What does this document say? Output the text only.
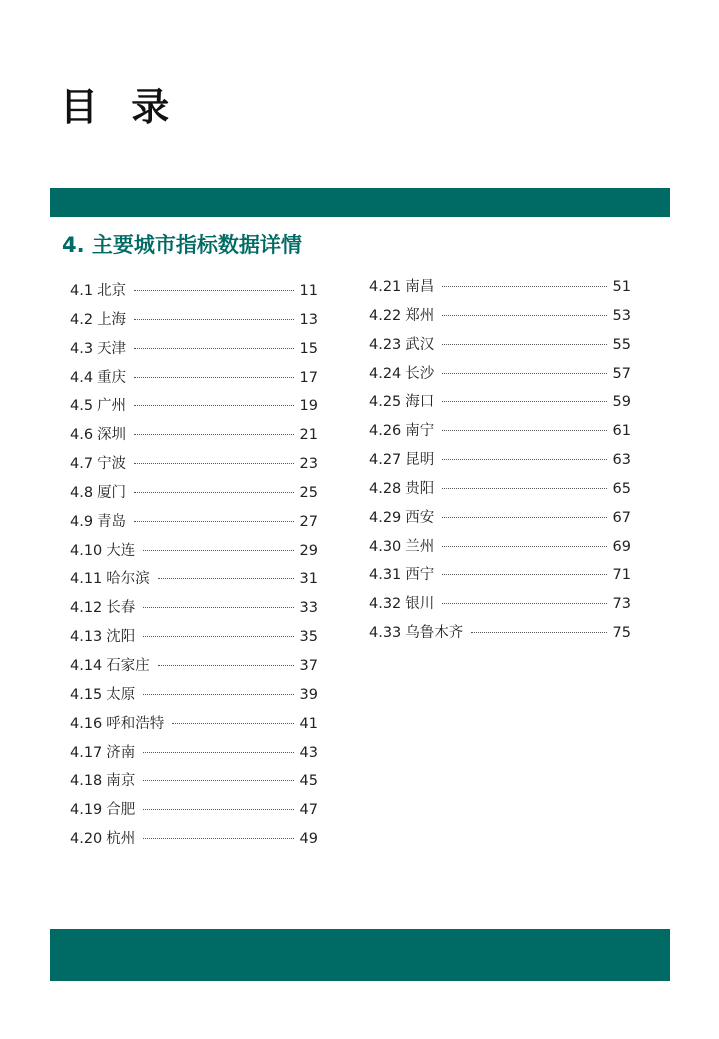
目 录
4. 主要城市指标数据详情
4.1 北京	11
4.2 上海	13
4.3 天津	15
4.4 重庆	17
4.5 广州	19
4.6 深圳	21
4.7 宁波	23
4.8 厦门	25
4.9 青岛	27
4.10 大连	29
4.11 哈尔滨	31
4.12 长春	33
4.13 沈阳	35
4.14 石家庄	37
4.15 太原	39
4.16 呼和浩特	41
4.17 济南	43
4.18 南京	45
4.19 合肥	47
4.20 杭州	49
4.21 南昌	51
4.22 郑州	53
4.23 武汉	55
4.24 长沙	57
4.25 海口	59
4.26 南宁	61
4.27 昆明	63
4.28 贵阳	65
4.29 西安	67
4.30 兰州	69
4.31 西宁	71
4.32 银川	73
4.33 乌鲁木齐	75
